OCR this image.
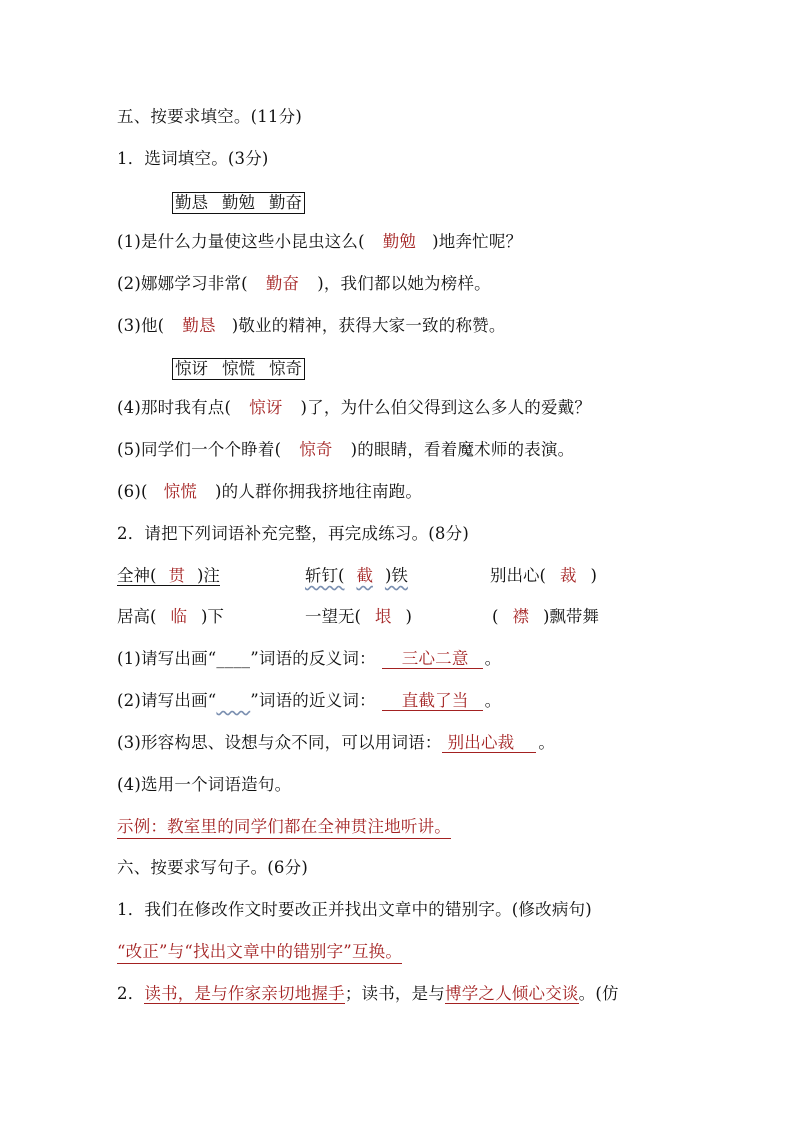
五、按要求填空。(11分)

1．选词填空。(3分)

勤恳 勤勉 勤奋

(1)是什么力量使这些小昆虫这么( 勤勉 )地奔忙呢？

(2)娜娜学习非常( 勤奋 )，我们都以她为榜样。

(3)他( 勤恳 )敬业的精神，获得大家一致的称赞。

惊讶 惊慌 惊奇

(4)那时我有点( 惊讶 )了，为什么伯父得到这么多人的爱戴？

(5)同学们一个个睁着( 惊奇 )的眼睛，看着魔术师的表演。

(6)( 惊慌 )的人群你拥我挤地往南跑。

2．请把下列词语补充完整，再完成练习。(8分)

全神( 贯 )注	斩钉( 截 )铁	别出心( 裁 )
居高( 临 )下	一望无( 垠 )	( 襟 )飘带舞

(1)请写出画“____”词语的反义词： 三心二意 。

(2)请写出画“ ”词语的近义词： 直截了当 。

(3)形容构思、设想与众不同，可以用词语： 别出心裁 。

(4)选用一个词语造句。

示例：教室里的同学们都在全神贯注地听讲。

六、按要求写句子。(6分)

1．我们在修改作文时要改正并找出文章中的错别字。(修改病句)

“改正”与“找出文章中的错别字”互换。

2．读书，是与作家亲切地握手；读书，是与博学之人倾心交谈。(仿
